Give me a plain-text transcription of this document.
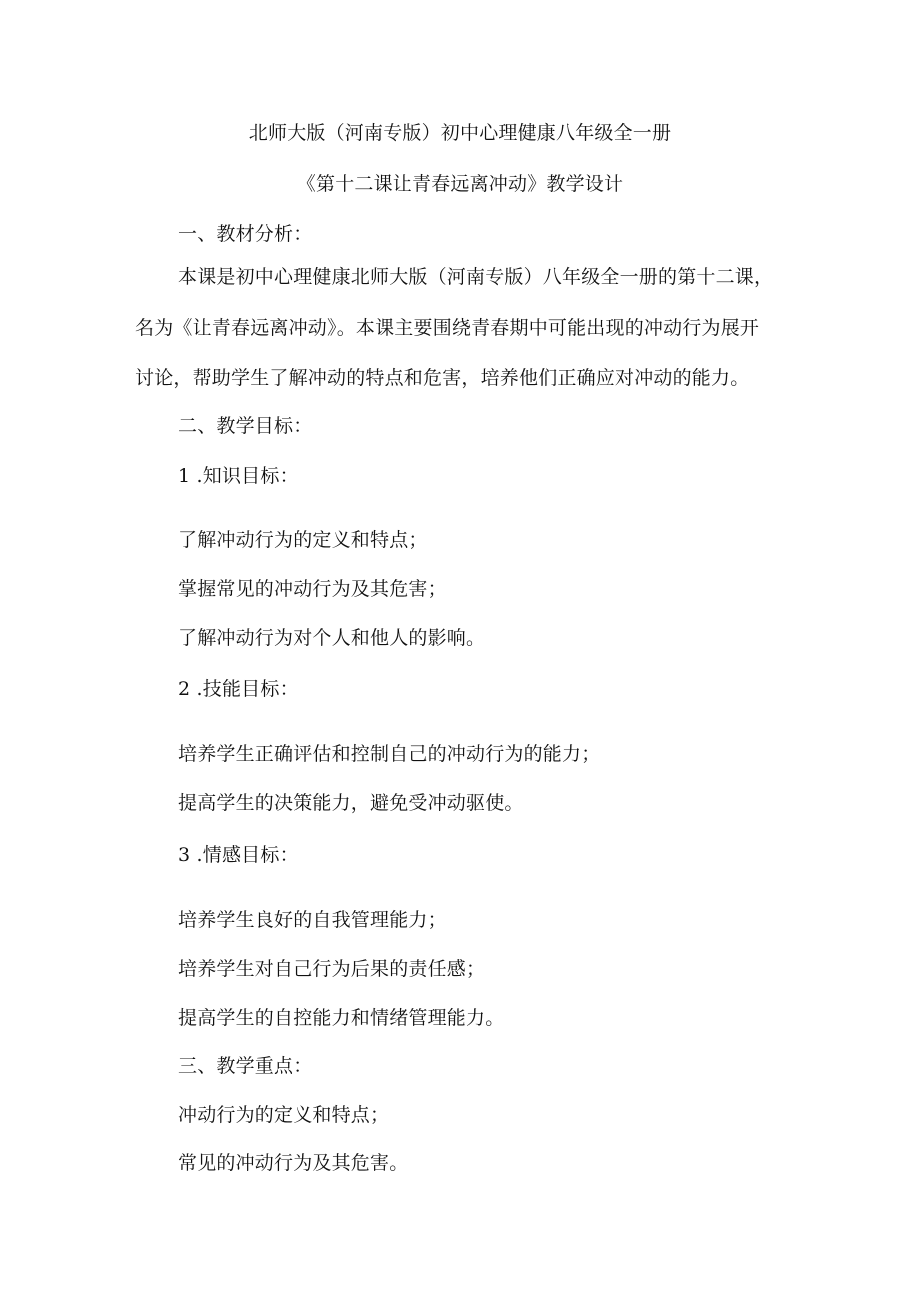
北师大版（河南专版）初中心理健康八年级全一册
《第十二课让青春远离冲动》教学设计
一、教材分析：
本课是初中心理健康北师大版（河南专版）八年级全一册的第十二课，
名为《让青春远离冲动》。本课主要围绕青春期中可能出现的冲动行为展开
讨论，帮助学生了解冲动的特点和危害，培养他们正确应对冲动的能力。
二、教学目标：
1 .知识目标：
了解冲动行为的定义和特点；
掌握常见的冲动行为及其危害；
了解冲动行为对个人和他人的影响。
2 .技能目标：
培养学生正确评估和控制自己的冲动行为的能力；
提高学生的决策能力，避免受冲动驱使。
3 .情感目标：
培养学生良好的自我管理能力；
培养学生对自己行为后果的责任感；
提高学生的自控能力和情绪管理能力。
三、教学重点：
冲动行为的定义和特点；
常见的冲动行为及其危害。
